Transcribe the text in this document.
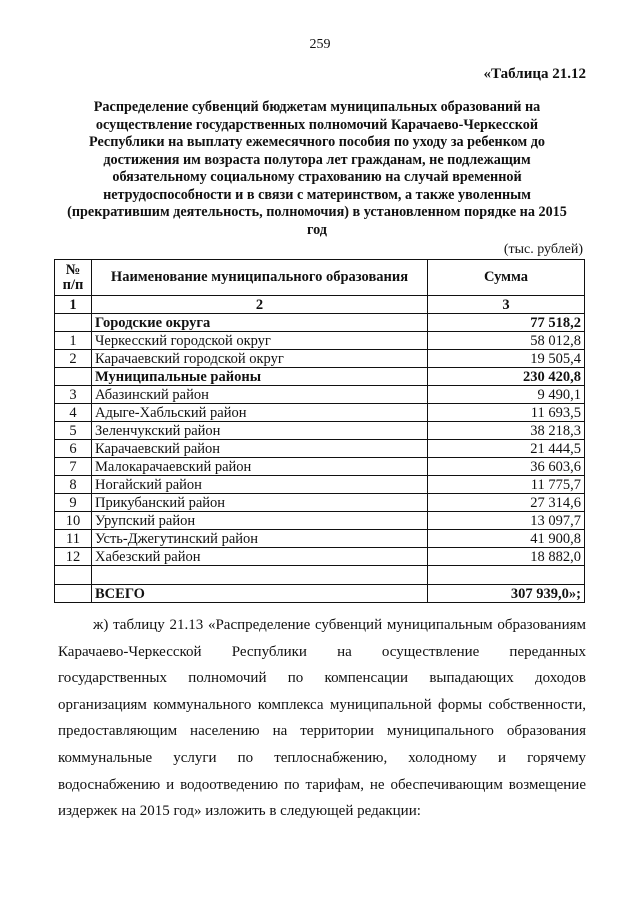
259
«Таблица 21.12
Распределение субвенций бюджетам муниципальных образований на осуществление государственных полномочий Карачаево-Черкесской Республики на выплату ежемесячного пособия по уходу за ребенком до достижения им возраста полутора лет гражданам, не подлежащим обязательному социальному страхованию на случай временной нетрудоспособности и в связи с материнством, а также уволенным (прекратившим деятельность, полномочия) в установленном порядке на 2015 год
(тыс. рублей)
№ п/п	Наименование муниципального образования	Сумма
1	2	3
	Городские округа	77 518,2
1	Черкесский городской округ	58 012,8
2	Карачаевский городской округ	19 505,4
	Муниципальные районы	230 420,8
3	Абазинский район	9 490,1
4	Адыге-Хабльский район	11 693,5
5	Зеленчукский район	38 218,3
6	Карачаевский район	21 444,5
7	Малокарачаевский район	36 603,6
8	Ногайский район	11 775,7
9	Прикубанский район	27 314,6
10	Урупский район	13 097,7
11	Усть-Джегутинский район	41 900,8
12	Хабезский район	18 882,0

	ВСЕГО	307 939,0»;
ж) таблицу 21.13 «Распределение субвенций муниципальным образованиям Карачаево-Черкесской Республики на осуществление переданных государственных полномочий по компенсации выпадающих доходов организациям коммунального комплекса муниципальной формы собственности, предоставляющим населению на территории муниципального образования коммунальные услуги по теплоснабжению, холодному и горячему водоснабжению и водоотведению по тарифам, не обеспечивающим возмещение издержек на 2015 год» изложить в следующей редакции:
